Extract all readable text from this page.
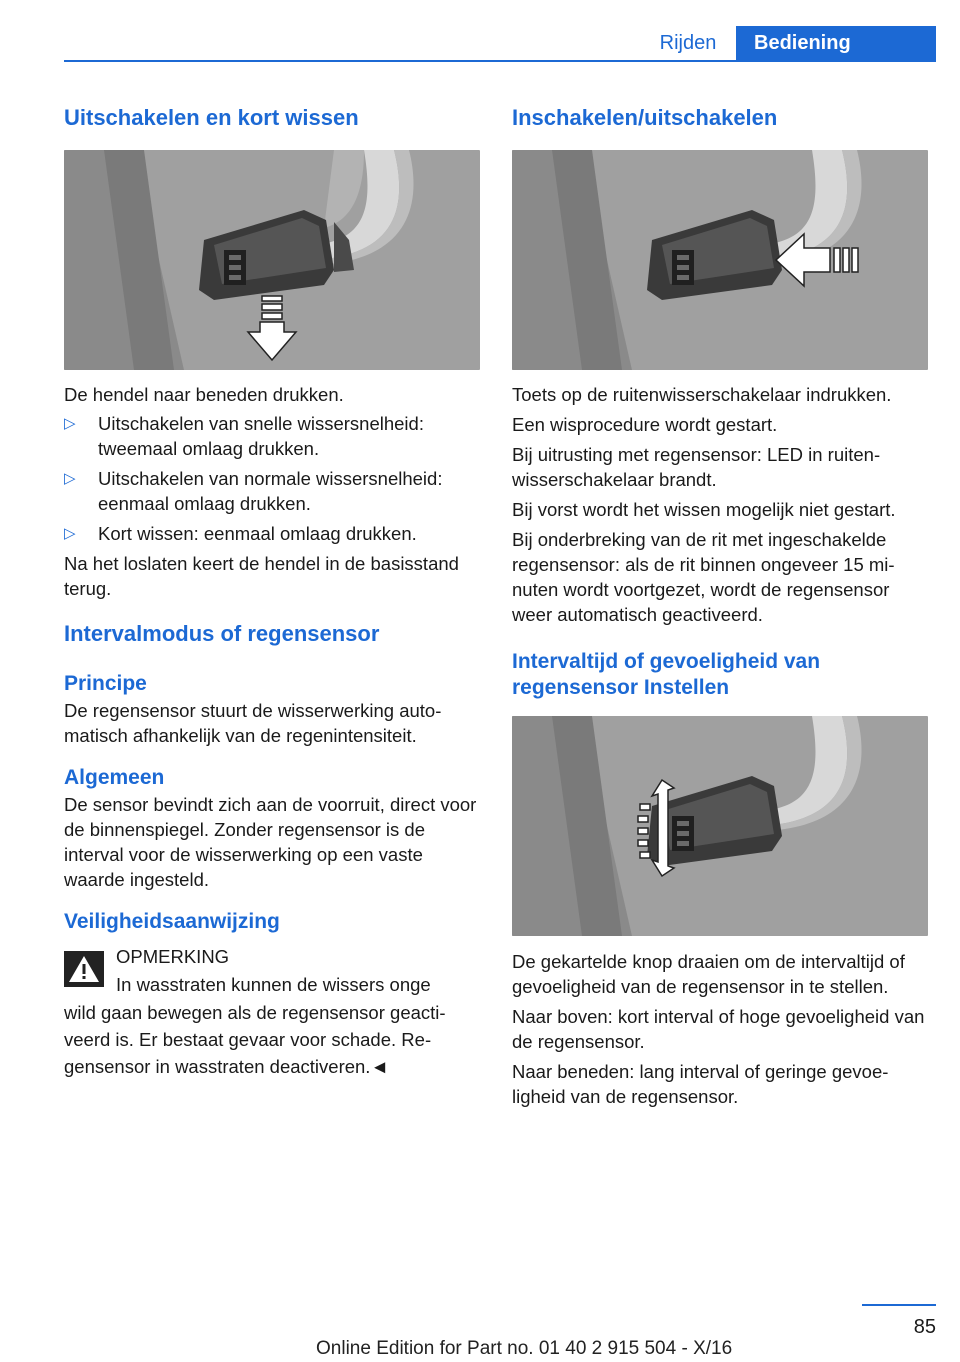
Rijden	Bediening
Uitschakelen en kort wissen

De hendel naar beneden drukken.

▷ Uitschakelen van snelle wissersnelheid: tweemaal omlaag drukken.
▷ Uitschakelen van normale wissersnelheid: eenmaal omlaag drukken.
▷ Kort wissen: eenmaal omlaag drukken.

Na het loslaten keert de hendel in de basisstand terug.

Intervalmodus of regensensor
Principe

De regensensor stuurt de wisserwerking automatisch afhankelijk van de regenintensiteit.

Algemeen

De sensor bevindt zich aan de voorruit, direct voor de binnenspiegel. Zonder regensensor is de interval voor de wisserwerking op een vaste waarde ingesteld.

Veiligheidsaanwijzing

OPMERKING

In wasstraten kunnen de wissers onge

wild gaan bewegen als de regensensor geactiveerd is. Er bestaat gevaar voor schade. Regensensor in wasstraten deactiveren.◄

Inschakelen/uitschakelen

Toets op de ruitenwisserschakelaar indrukken.

Een wisprocedure wordt gestart.

Bij uitrusting met regensensor: LED in ruitenwisserschakelaar brandt.

Bij vorst wordt het wissen mogelijk niet gestart.

Bij onderbreking van de rit met ingeschakelde regensensor: als de rit binnen ongeveer 15 minuten wordt voortgezet, wordt de regensensor weer automatisch geactiveerd.

Intervaltijd of gevoeligheid van regensensor Instellen

De gekartelde knop draaien om de intervaltijd of gevoeligheid van de regensensor in te stellen.

Naar boven: kort interval of hoge gevoeligheid van de regensensor.

Naar beneden: lang interval of geringe gevoeligheid van de regensensor.

85
Online Edition for Part no. 01 40 2 915 504 - X/16
